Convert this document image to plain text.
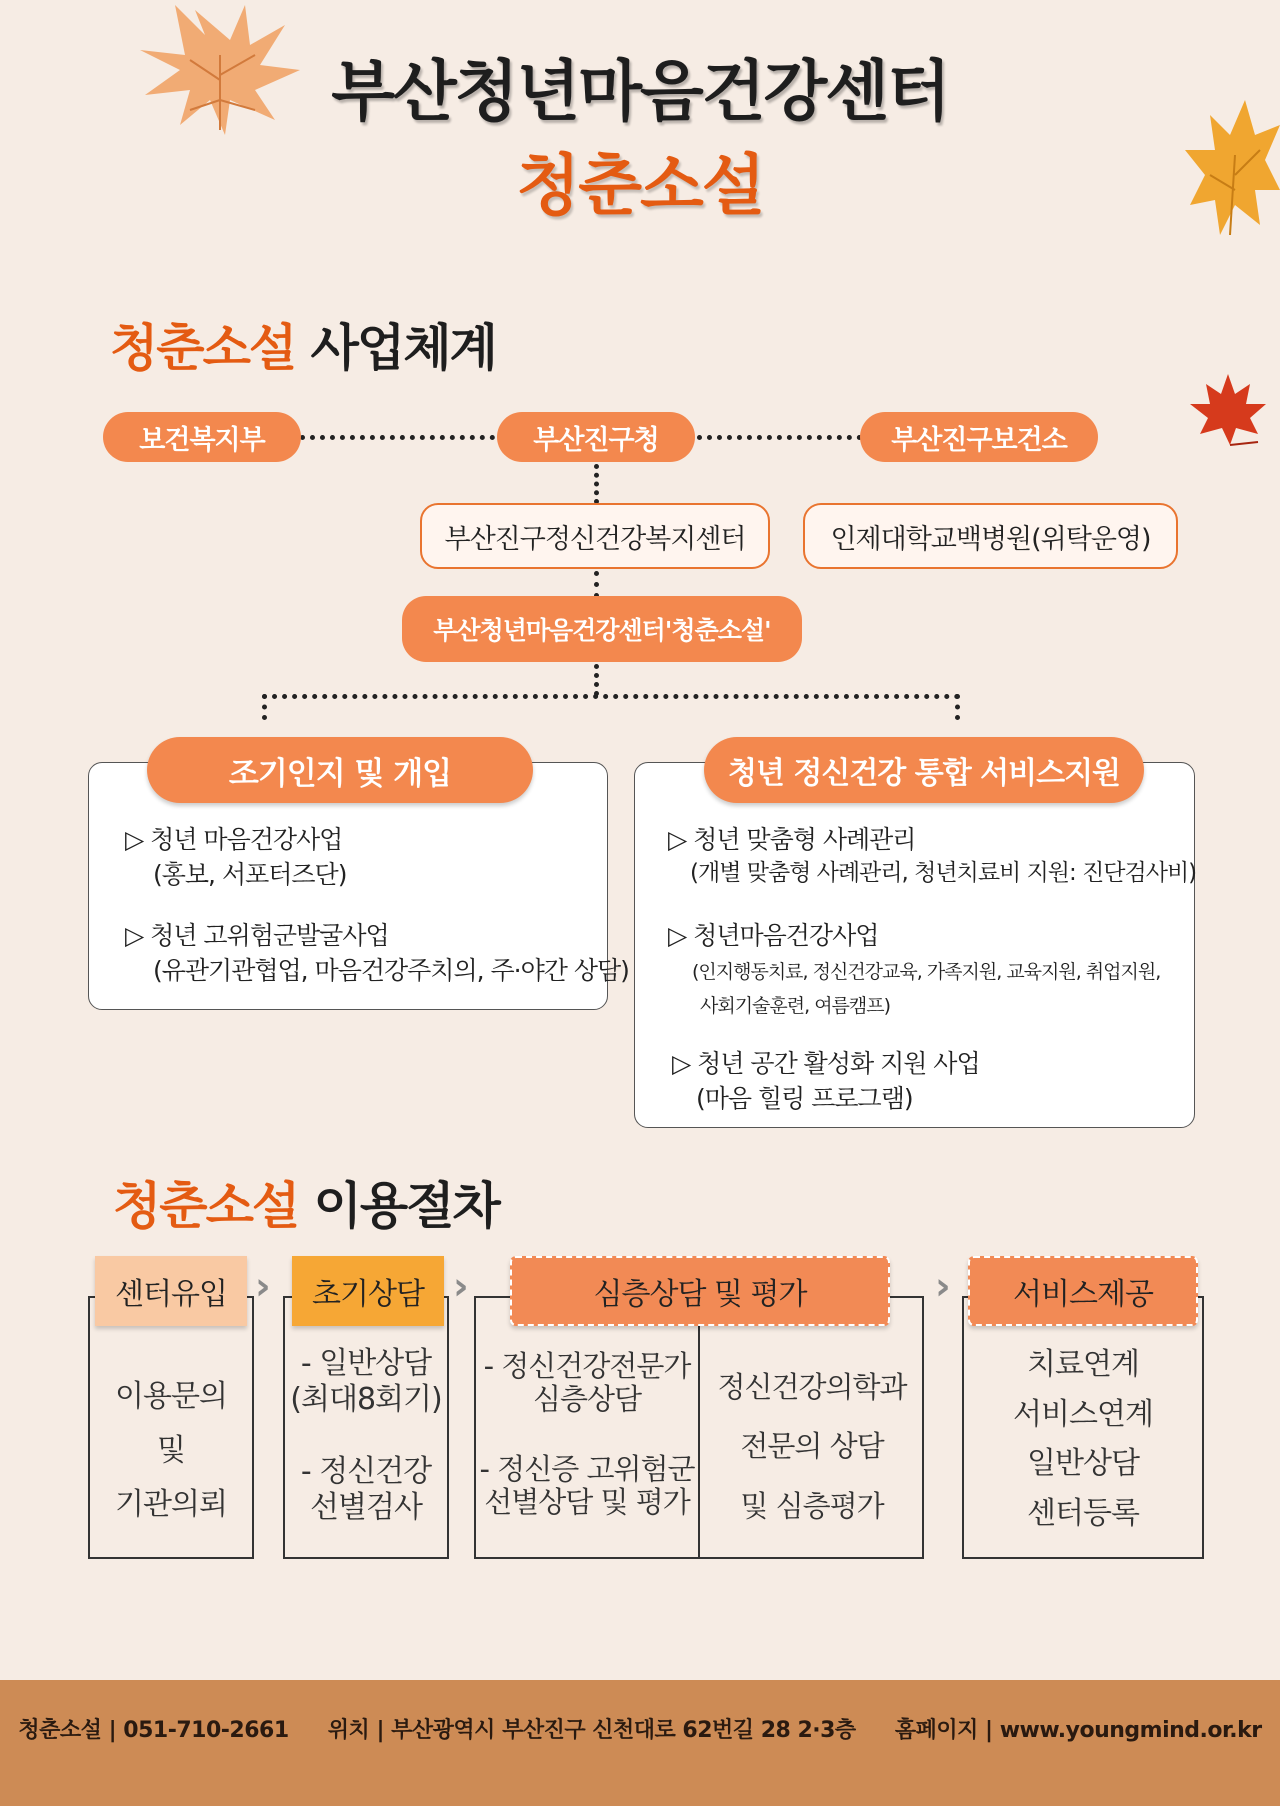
부산청년마음건강센터
청춘소설
청춘소설 사업체계
보건복지부	부산진구청	부산진구보건소
부산진구정신건강복지센터	인제대학교백병원(위탁운영)
부산청년마음건강센터'청춘소설'
조기인지 및 개입
▷ 청년 마음건강사업
(홍보, 서포터즈단)
▷ 청년 고위험군발굴사업
(유관기관협업, 마음건강주치의, 주·야간 상담)
청년 정신건강 통합 서비스지원
▷ 청년 맞춤형 사례관리
(개별 맞춤형 사례관리, 청년치료비 지원: 진단검사비)
▷ 청년마음건강사업
(인지행동치료, 정신건강교육, 가족지원, 교육지원, 취업지원,
사회기술훈련, 여름캠프)
▷ 청년 공간 활성화 지원 사업
(마음 힐링 프로그램)
청춘소설 이용절차
센터유입
이용문의
및
기관의뢰
›	초기상담
- 일반상담
(최대8회기)
- 정신건강
선별검사
›	심층상담 및 평가
- 정신건강전문가
심층상담
- 정신증 고위험군
선별상담 및 평가
정신건강의학과
전문의 상담
및 심층평가
›	서비스제공
치료연계
서비스연계
일반상담
센터등록
청춘소설 | 051-710-2661 위치 | 부산광역시 부산진구 신천대로 62번길 28 2·3층 홈페이지 | www.youngmind.or.kr
